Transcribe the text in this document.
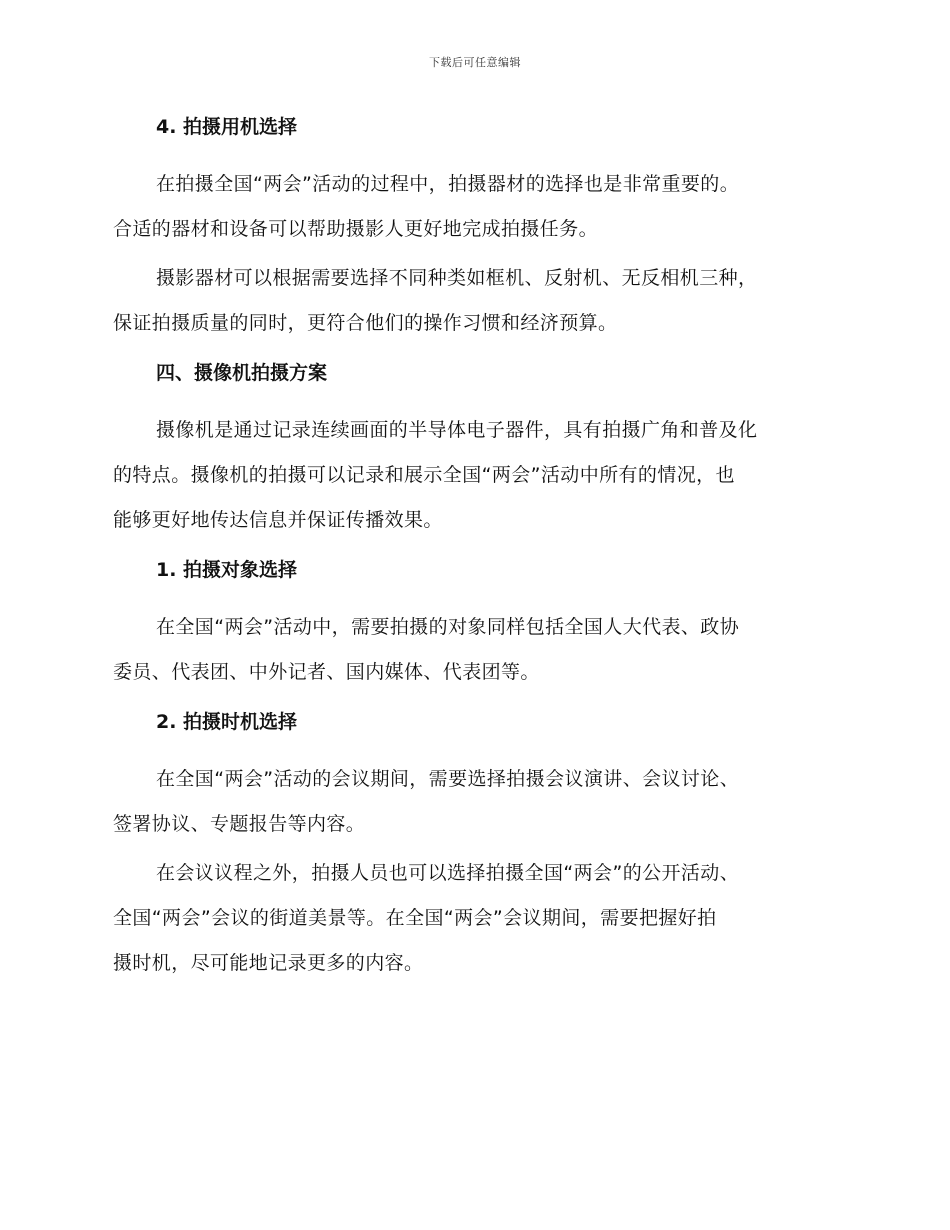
下载后可任意编辑
4. 拍摄用机选择
在拍摄全国“两会”活动的过程中，拍摄器材的选择也是非常重要的。
合适的器材和设备可以帮助摄影人更好地完成拍摄任务。
摄影器材可以根据需要选择不同种类如框机、反射机、无反相机三种，
保证拍摄质量的同时，更符合他们的操作习惯和经济预算。
四、摄像机拍摄方案
摄像机是通过记录连续画面的半导体电子器件，具有拍摄广角和普及化
的特点。摄像机的拍摄可以记录和展示全国“两会”活动中所有的情况，也
能够更好地传达信息并保证传播效果。
1. 拍摄对象选择
在全国“两会”活动中，需要拍摄的对象同样包括全国人大代表、政协
委员、代表团、中外记者、国内媒体、代表团等。
2. 拍摄时机选择
在全国“两会”活动的会议期间，需要选择拍摄会议演讲、会议讨论、
签署协议、专题报告等内容。
在会议议程之外，拍摄人员也可以选择拍摄全国“两会”的公开活动、
全国“两会”会议的街道美景等。在全国“两会”会议期间，需要把握好拍
摄时机，尽可能地记录更多的内容。
